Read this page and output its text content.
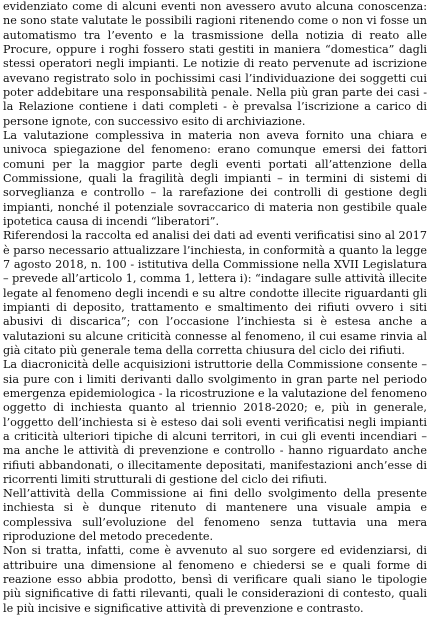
evidenziato come di alcuni eventi non avessero avuto alcuna conoscenza: ne sono state valutate le possibili ragioni ritenendo come o non vi fosse un automatismo tra l’evento e la trasmissione della notizia di reato alle Procure, oppure i roghi fossero stati gestiti in maniera “domestica” dagli stessi operatori negli impianti. Le notizie di reato pervenute ad iscrizione avevano registrato solo in pochissimi casi l’individuazione dei soggetti cui poter addebitare una responsabilità penale. Nella più gran parte dei casi - la Relazione contiene i dati completi - è prevalsa l’iscrizione a carico di persone ignote, con successivo esito di archiviazione.

La valutazione complessiva in materia non aveva fornito una chiara e univoca spiegazione del fenomeno: erano comunque emersi dei fattori comuni per la maggior parte degli eventi portati all’attenzione della Commissione, quali la fragilità degli impianti – in termini di sistemi di sorveglianza e controllo – la rarefazione dei controlli di gestione degli impianti, nonché il potenziale sovraccarico di materia non gestibile quale ipotetica causa di incendi “liberatori”.

Riferendosi la raccolta ed analisi dei dati ad eventi verificatisi sino al 2017 è parso necessario attualizzare l’inchiesta, in conformità a quanto la legge 7 agosto 2018, n. 100 - istitutiva della Commissione nella XVII Legislatura – prevede all’articolo 1, comma 1, lettera i): “indagare sulle attività illecite legate al fenomeno degli incendi e su altre condotte illecite riguardanti gli impianti di deposito, trattamento e smaltimento dei rifiuti ovvero i siti abusivi di discarica”; con l’occasione l’inchiesta si è estesa anche a valutazioni su alcune criticità connesse al fenomeno, il cui esame rinvia al già citato più generale tema della corretta chiusura del ciclo dei rifiuti.

La diacronicità delle acquisizioni istruttorie della Commissione consente – sia pure con i limiti derivanti dallo svolgimento in gran parte nel periodo emergenza epidemiologica - la ricostruzione e la valutazione del fenomeno oggetto di inchiesta quanto al triennio 2018-2020; e, più in generale, l’oggetto dell’inchiesta si è esteso dai soli eventi verificatisi negli impianti a criticità ulteriori tipiche di alcuni territori, in cui gli eventi incendiari – ma anche le attività di prevenzione e controllo - hanno riguardato anche rifiuti abbandonati, o illecitamente depositati, manifestazioni anch’esse di ricorrenti limiti strutturali di gestione del ciclo dei rifiuti.

Nell’attività della Commissione ai fini dello svolgimento della presente inchiesta si è dunque ritenuto di mantenere una visuale ampia e complessiva sull’evoluzione del fenomeno senza tuttavia una mera riproduzione del metodo precedente.

Non si tratta, infatti, come è avvenuto al suo sorgere ed evidenziarsi, di attribuire una dimensione al fenomeno e chiedersi se e quali forme di reazione esso abbia prodotto, bensì di verificare quali siano le tipologie più significative di fatti rilevanti, quali le considerazioni di contesto, quali le più incisive e significative attività di prevenzione e contrasto.
